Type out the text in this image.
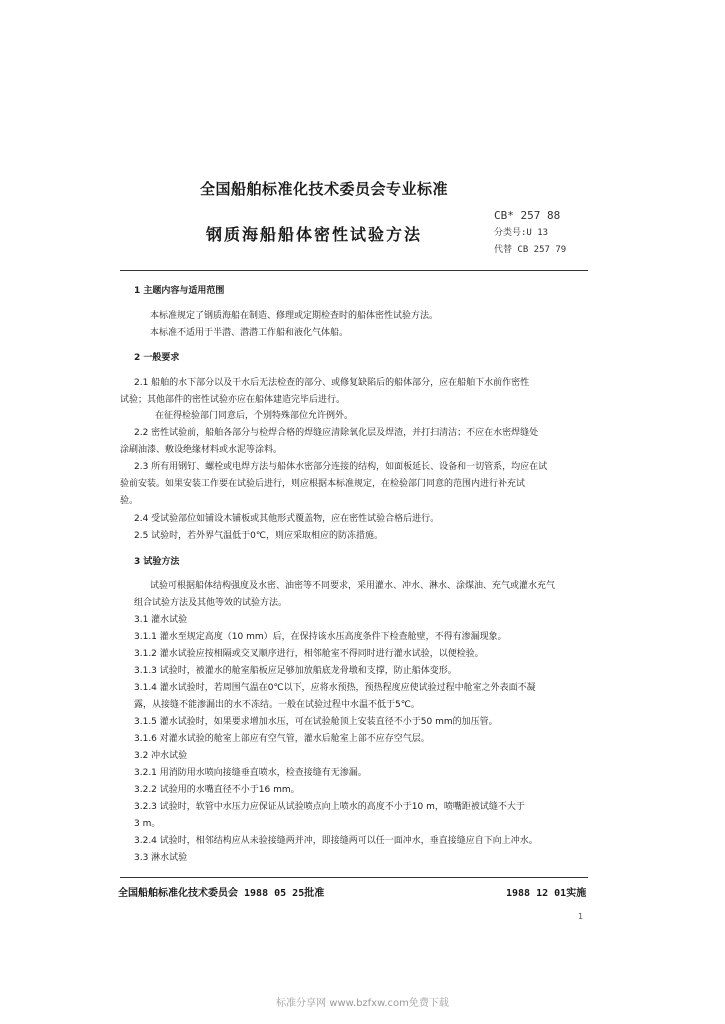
全国船舶标准化技术委员会专业标准
钢质海船船体密性试验方法
CB* 257 88
分类号:U 13
代替 CB 257 79
1 主题内容与适用范围
本标准规定了钢质海船在制造、修理或定期检查时的船体密性试验方法。
本标准不适用于半潜、潜潜工作船和液化气体船。
2 一般要求
2.1 船舶的水下部分以及干水后无法检查的部分、或修复缺陷后的船体部分，应在船舶下水前作密性
试验；其他部件的密性试验亦应在船体建造完毕后进行。
在征得检验部门同意后，个别特殊部位允许例外。
2.2 密性试验前，船舶各部分与检焊合格的焊缝应清除氧化层及焊渣，并打扫清洁；不应在水密焊缝处
涂刷油漆、敷设绝缘材料或水泥等涂料。
2.3 所有用钢钉、螺栓或电焊方法与船体水密部分连接的结构，如面板延长、设备和一切管系，均应在试
验前安装。如果安装工作要在试验后进行，则应根据本标准规定，在检验部门同意的范围内进行补充试
验。
2.4 受试验部位如铺设木铺板或其他形式覆盖物，应在密性试验合格后进行。
2.5 试验时，若外界气温低于0℃，则应采取相应的防冻措施。
3 试验方法
试验可根据船体结构强度及水密、油密等不同要求，采用灌水、冲水、淋水、涂煤油、充气或灌水充气
组合试验方法及其他等效的试验方法。
3.1 灌水试验
3.1.1 灌水至规定高度（10 mm）后，在保持该水压高度条件下检查舱壁，不得有渗漏现象。
3.1.2 灌水试验应按相隔或交叉顺序进行，相邻舱室不得同时进行灌水试验，以便检验。
3.1.3 试验时，被灌水的舱室船板应足够加放船底龙骨墩和支撑，防止船体变形。
3.1.4 灌水试验时，若周围气温在0℃以下，应将水预热，预热程度应使试验过程中舱室之外表面不凝
露，从接缝不能渗漏出的水不冻结。一般在试验过程中水温不低于5℃。
3.1.5 灌水试验时，如果要求增加水压，可在试验舱顶上安装直径不小于50 mm的加压管。
3.1.6 对灌水试验的舱室上部应有空气管，灌水后舱室上部不应存空气层。
3.2 冲水试验
3.2.1 用消防用水喷向接缝垂直喷水，检查接缝有无渗漏。
3.2.2 试验用的水嘴直径不小于16 mm。
3.2.3 试验时，软管中水压力应保证从试验喷点向上喷水的高度不小于10 m，喷嘴距被试缝不大于
3 m。
3.2.4 试验时，相邻结构应从未验接缝两并冲，即接缝两可以任一面冲水，垂直接缝应自下向上冲水。
3.3 淋水试验
全国船舶标准化技术委员会 1988 05 25批准	1988 12 01实施
1
标准分享网 www.bzfxw.com免费下载
